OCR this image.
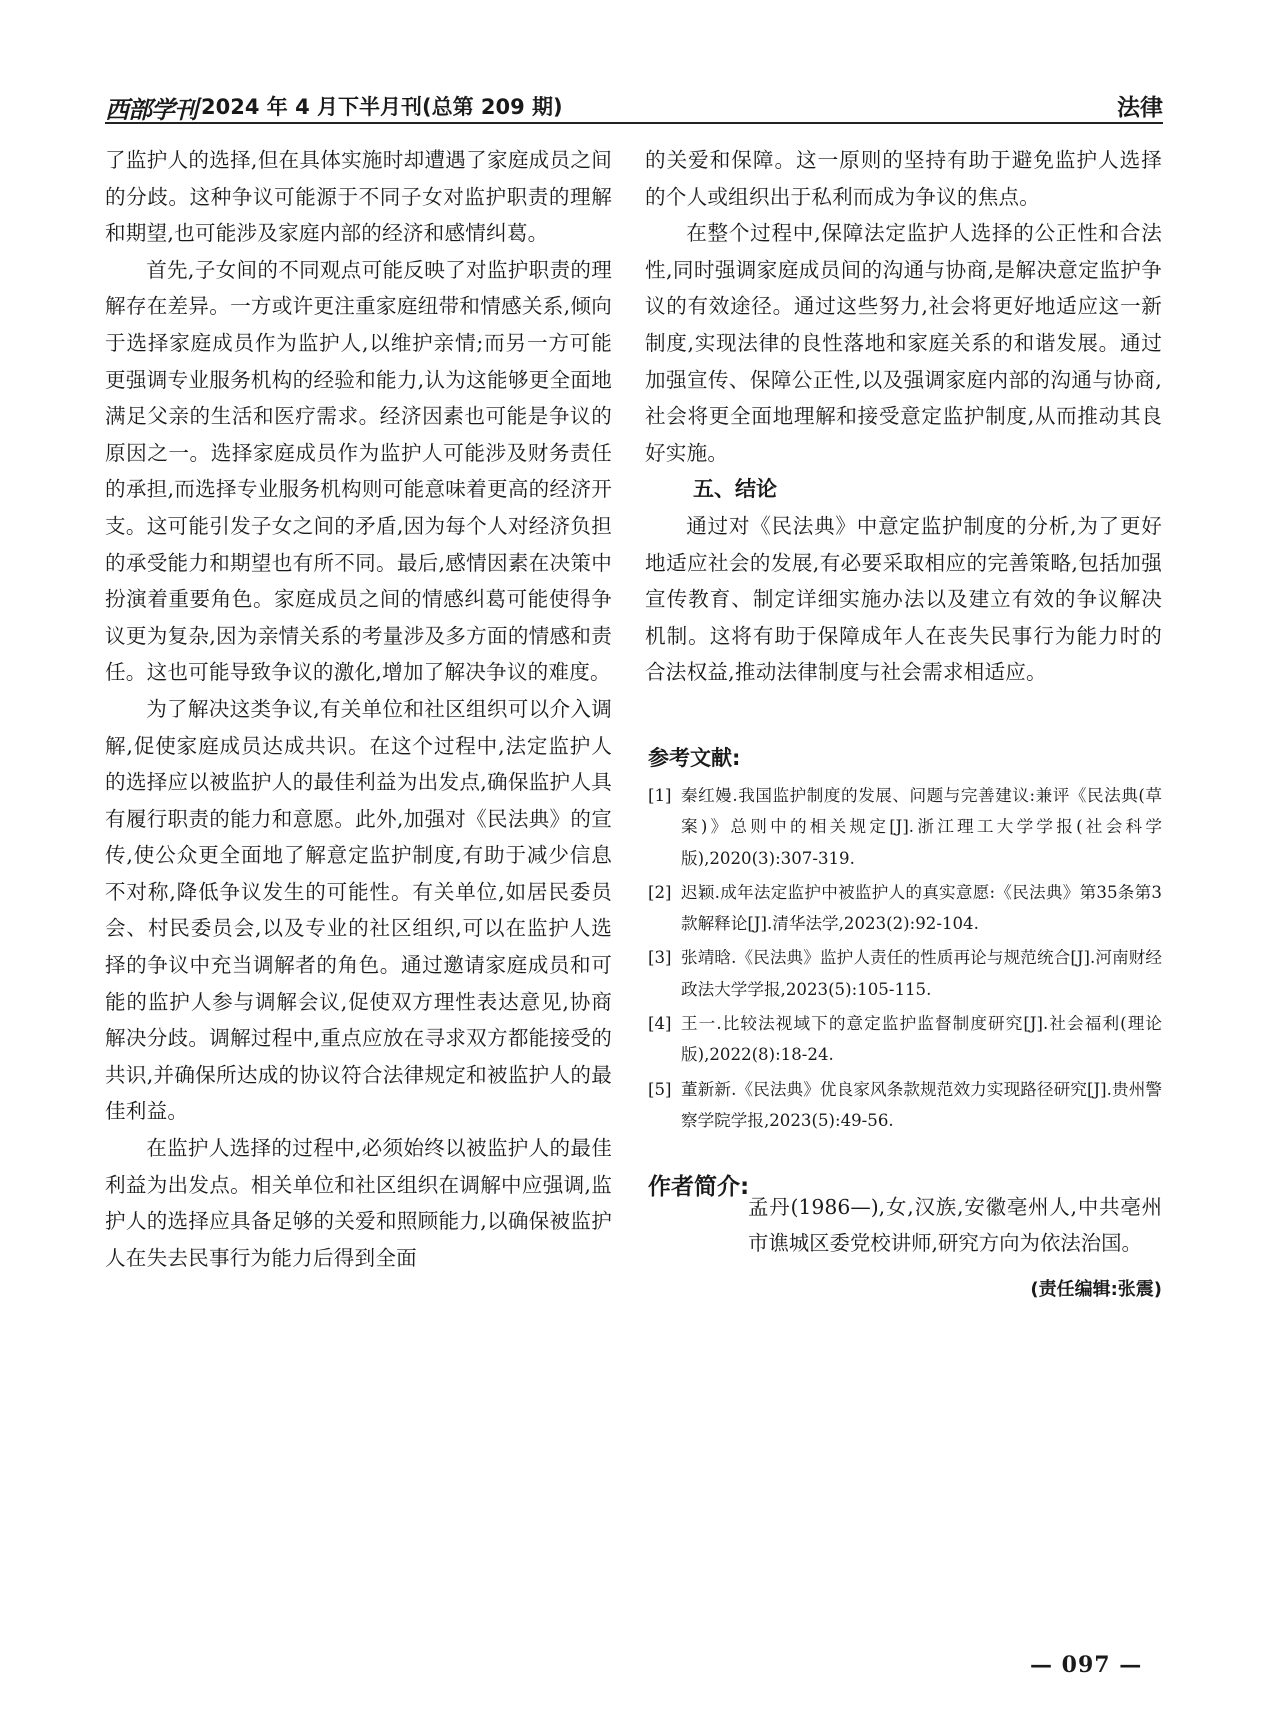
西部学刊 2024 年 4 月下半月刊(总第 209 期)	法律

了监护人的选择,但在具体实施时却遭遇了家庭成员之间的分歧。这种争议可能源于不同子女对监护职责的理解和期望,也可能涉及家庭内部的经济和感情纠葛。

首先,子女间的不同观点可能反映了对监护职责的理解存在差异。一方或许更注重家庭纽带和情感关系,倾向于选择家庭成员作为监护人,以维护亲情;而另一方可能更强调专业服务机构的经验和能力,认为这能够更全面地满足父亲的生活和医疗需求。经济因素也可能是争议的原因之一。选择家庭成员作为监护人可能涉及财务责任的承担,而选择专业服务机构则可能意味着更高的经济开支。这可能引发子女之间的矛盾,因为每个人对经济负担的承受能力和期望也有所不同。最后,感情因素在决策中扮演着重要角色。家庭成员之间的情感纠葛可能使得争议更为复杂,因为亲情关系的考量涉及多方面的情感和责任。这也可能导致争议的激化,增加了解决争议的难度。

为了解决这类争议,有关单位和社区组织可以介入调解,促使家庭成员达成共识。在这个过程中,法定监护人的选择应以被监护人的最佳利益为出发点,确保监护人具有履行职责的能力和意愿。此外,加强对《民法典》的宣传,使公众更全面地了解意定监护制度,有助于减少信息不对称,降低争议发生的可能性。有关单位,如居民委员会、村民委员会,以及专业的社区组织,可以在监护人选择的争议中充当调解者的角色。通过邀请家庭成员和可能的监护人参与调解会议,促使双方理性表达意见,协商解决分歧。调解过程中,重点应放在寻求双方都能接受的共识,并确保所达成的协议符合法律规定和被监护人的最佳利益。

在监护人选择的过程中,必须始终以被监护人的最佳利益为出发点。相关单位和社区组织在调解中应强调,监护人的选择应具备足够的关爱和照顾能力,以确保被监护人在失去民事行为能力后得到全面

的关爱和保障。这一原则的坚持有助于避免监护人选择的个人或组织出于私利而成为争议的焦点。

在整个过程中,保障法定监护人选择的公正性和合法性,同时强调家庭成员间的沟通与协商,是解决意定监护争议的有效途径。通过这些努力,社会将更好地适应这一新制度,实现法律的良性落地和家庭关系的和谐发展。通过加强宣传、保障公正性,以及强调家庭内部的沟通与协商,社会将更全面地理解和接受意定监护制度,从而推动其良好实施。

五、结论

通过对《民法典》中意定监护制度的分析,为了更好地适应社会的发展,有必要采取相应的完善策略,包括加强宣传教育、制定详细实施办法以及建立有效的争议解决机制。这将有助于保障成年人在丧失民事行为能力时的合法权益,推动法律制度与社会需求相适应。

参考文献:

[1] 秦红嫚.我国监护制度的发展、问题与完善建议:兼评《民法典(草案)》总则中的相关规定[J].浙江理工大学学报(社会科学版),2020(3):307-319.

[2] 迟颖.成年法定监护中被监护人的真实意愿:《民法典》第35条第3款解释论[J].清华法学,2023(2):92-104.

[3] 张靖晗.《民法典》监护人责任的性质再论与规范统合[J].河南财经政法大学学报,2023(5):105-115.

[4] 王一.比较法视域下的意定监护监督制度研究[J].社会福利(理论版),2022(8):18-24.

[5] 董新新.《民法典》优良家风条款规范效力实现路径研究[J].贵州警察学院学报,2023(5):49-56.

作者简介:

孟丹(1986—),女,汉族,安徽亳州人,中共亳州市谯城区委党校讲师,研究方向为依法治国。

(责任编辑:张震)
— 097 —
